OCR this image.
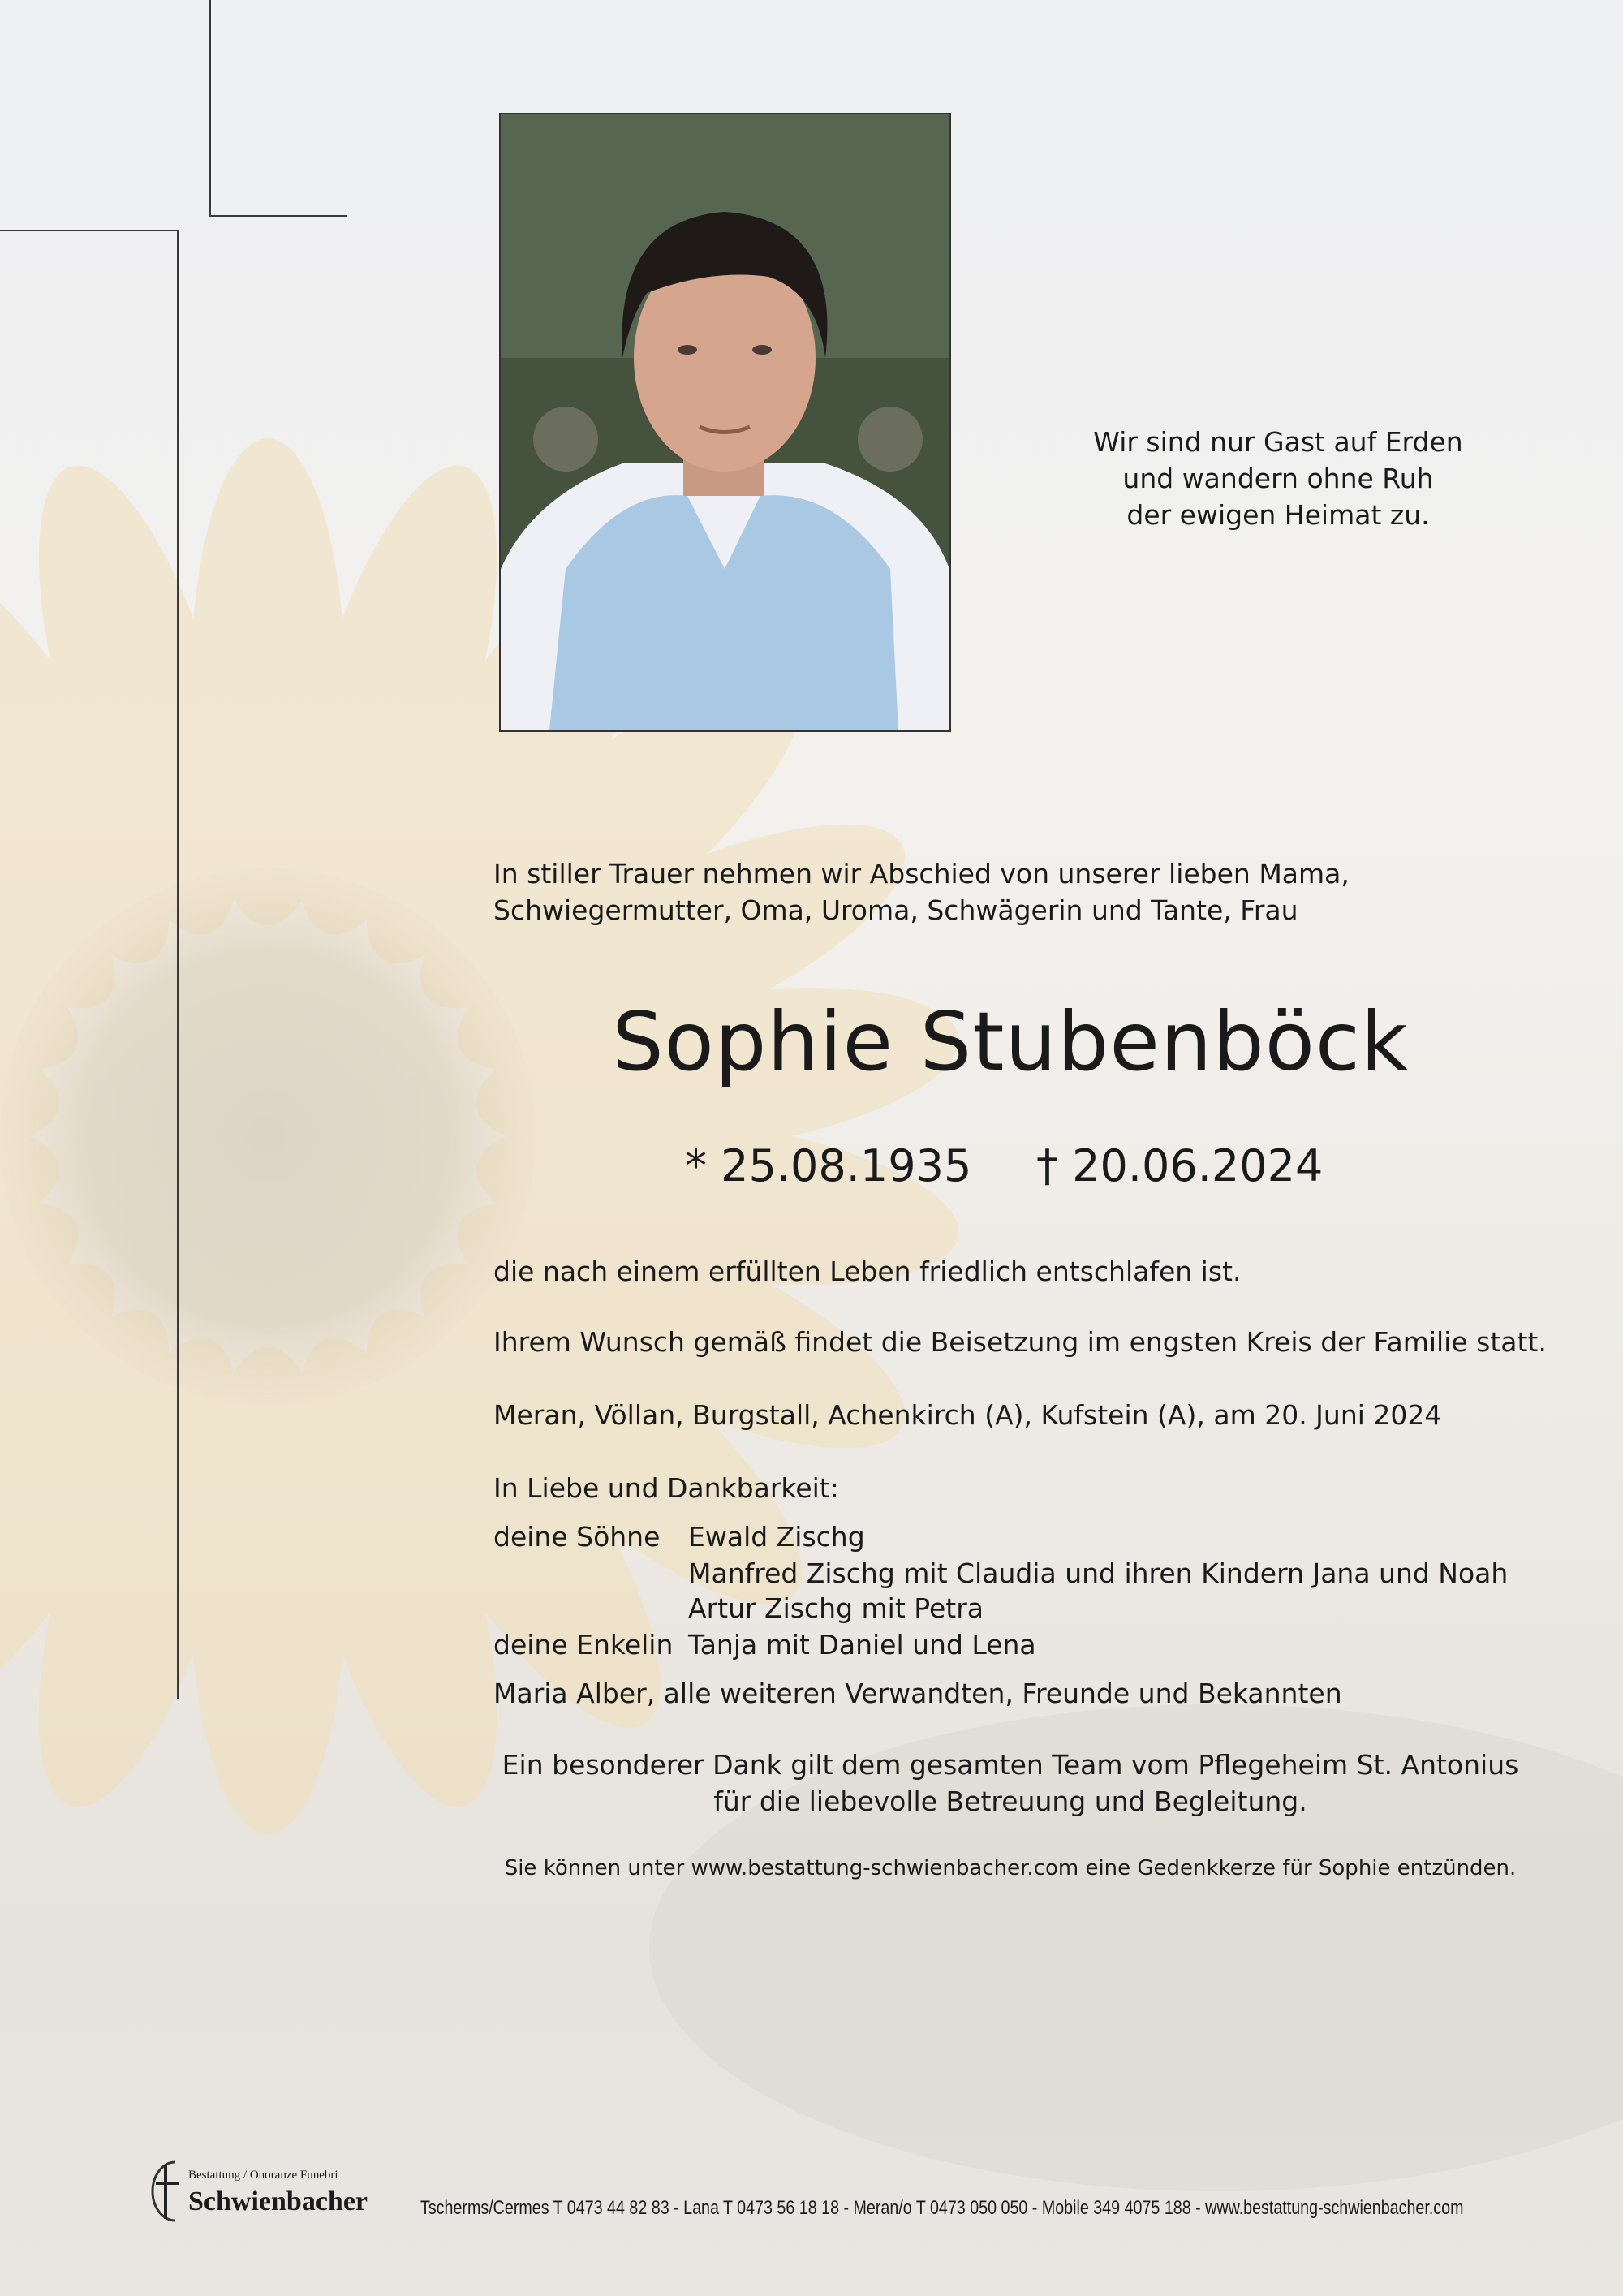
Wir sind nur Gast auf Erden
und wandern ohne Ruh
der ewigen Heimat zu.
In stiller Trauer nehmen wir Abschied von unserer lieben Mama,
Schwiegermutter, Oma, Uroma, Schwägerin und Tante, Frau
Sophie Stubenböck
* 25.08.1935 † 20.06.2024
die nach einem erfüllten Leben friedlich entschlafen ist.
Ihrem Wunsch gemäß findet die Beisetzung im engsten Kreis der Familie statt.
Meran, Völlan, Burgstall, Achenkirch (A), Kufstein (A), am 20. Juni 2024
In Liebe und Dankbarkeit:
deine Söhne Ewald Zischg
Manfred Zischg mit Claudia und ihren Kindern Jana und Noah
Artur Zischg mit Petra
deine Enkelin Tanja mit Daniel und Lena
Maria Alber, alle weiteren Verwandten, Freunde und Bekannten
Ein besonderer Dank gilt dem gesamten Team vom Pflegeheim St. Antonius
für die liebevolle Betreuung und Begleitung.
Sie können unter www.bestattung-schwienbacher.com eine Gedenkkerze für Sophie entzünden.
Bestattung / Onoranze Funebri
Schwienbacher	Tscherms/Cermes T 0473 44 82 83 - Lana T 0473 56 18 18 - Meran/o T 0473 050 050 - Mobile 349 4075 188 - www.bestattung-schwienbacher.com
